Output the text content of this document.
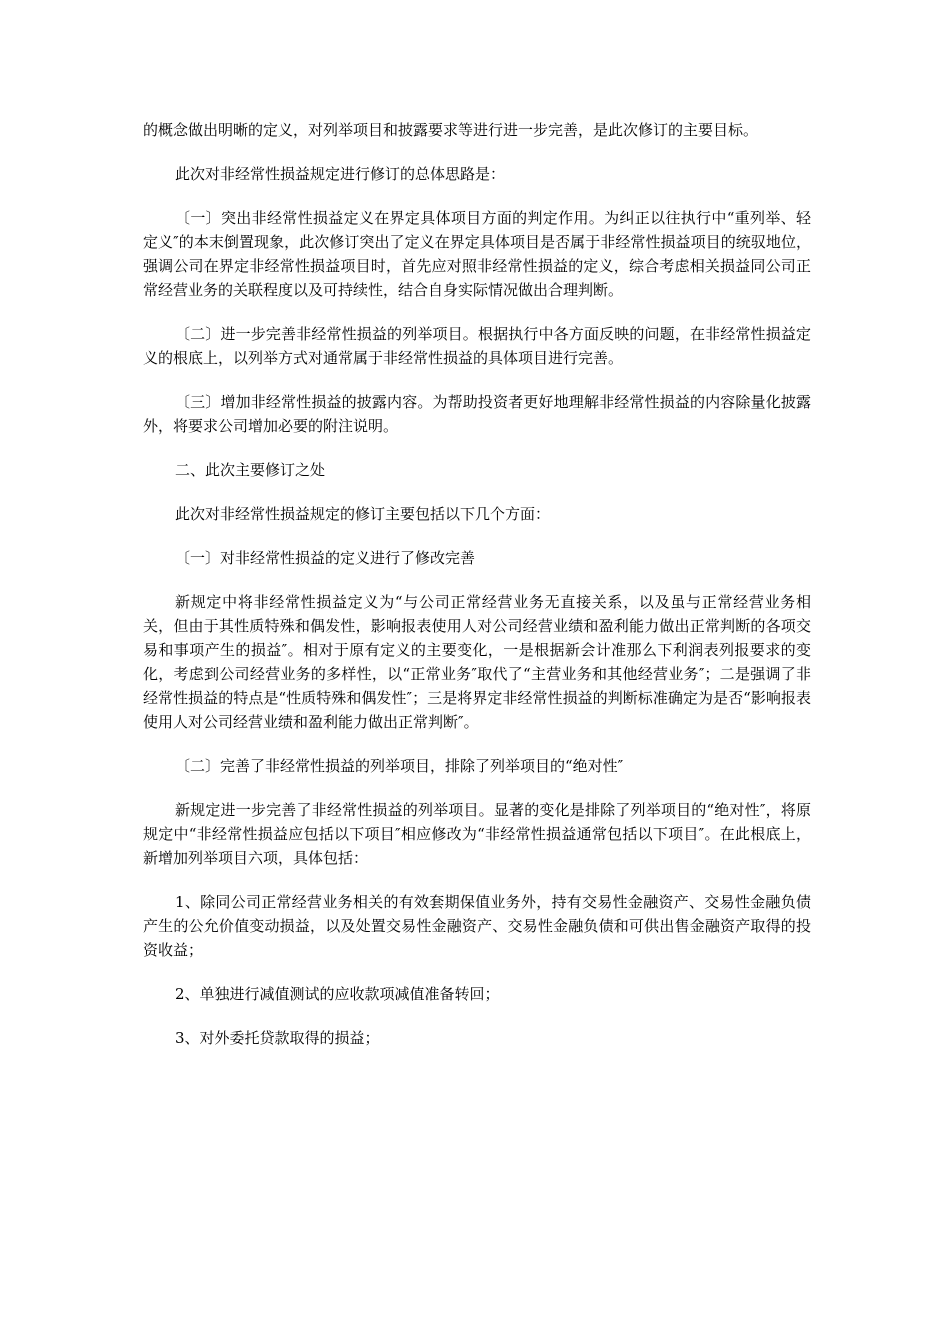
的概念做出明晰的定义，对列举项目和披露要求等进行进一步完善，是此次修订的主要目标。

此次对非经常性损益规定进行修订的总体思路是：

〔一〕突出非经常性损益定义在界定具体项目方面的判定作用。为纠正以往执行中“重列举、轻定义″的本末倒置现象，此次修订突出了定义在界定具体项目是否属于非经常性损益项目的统驭地位，强调公司在界定非经常性损益项目时，首先应对照非经常性损益的定义，综合考虑相关损益同公司正常经营业务的关联程度以及可持续性，结合自身实际情况做出合理判断。

〔二〕进一步完善非经常性损益的列举项目。根据执行中各方面反映的问题，在非经常性损益定义的根底上，以列举方式对通常属于非经常性损益的具体项目进行完善。

〔三〕增加非经常性损益的披露内容。为帮助投资者更好地理解非经常性损益的内容除量化披露外，将要求公司增加必要的附注说明。

二、此次主要修订之处

此次对非经常性损益规定的修订主要包括以下几个方面：

〔一〕对非经常性损益的定义进行了修改完善

新规定中将非经常性损益定义为“与公司正常经营业务无直接关系，以及虽与正常经营业务相关，但由于其性质特殊和偶发性，影响报表使用人对公司经营业绩和盈利能力做出正常判断的各项交易和事项产生的损益″。相对于原有定义的主要变化，一是根据新会计准那么下利润表列报要求的变化，考虑到公司经营业务的多样性，以“正常业务″取代了“主营业务和其他经营业务″；二是强调了非经常性损益的特点是“性质特殊和偶发性″；三是将界定非经常性损益的判断标准确定为是否“影响报表使用人对公司经营业绩和盈利能力做出正常判断″。

〔二〕完善了非经常性损益的列举项目，排除了列举项目的“绝对性″

新规定进一步完善了非经常性损益的列举项目。显著的变化是排除了列举项目的“绝对性″，将原规定中“非经常性损益应包括以下项目″相应修改为“非经常性损益通常包括以下项目″。在此根底上，新增加列举项目六项，具体包括：

1、除同公司正常经营业务相关的有效套期保值业务外，持有交易性金融资产、交易性金融负债产生的公允价值变动损益，以及处置交易性金融资产、交易性金融负债和可供出售金融资产取得的投资收益；

2、单独进行减值测试的应收款项减值准备转回；

3、对外委托贷款取得的损益；
